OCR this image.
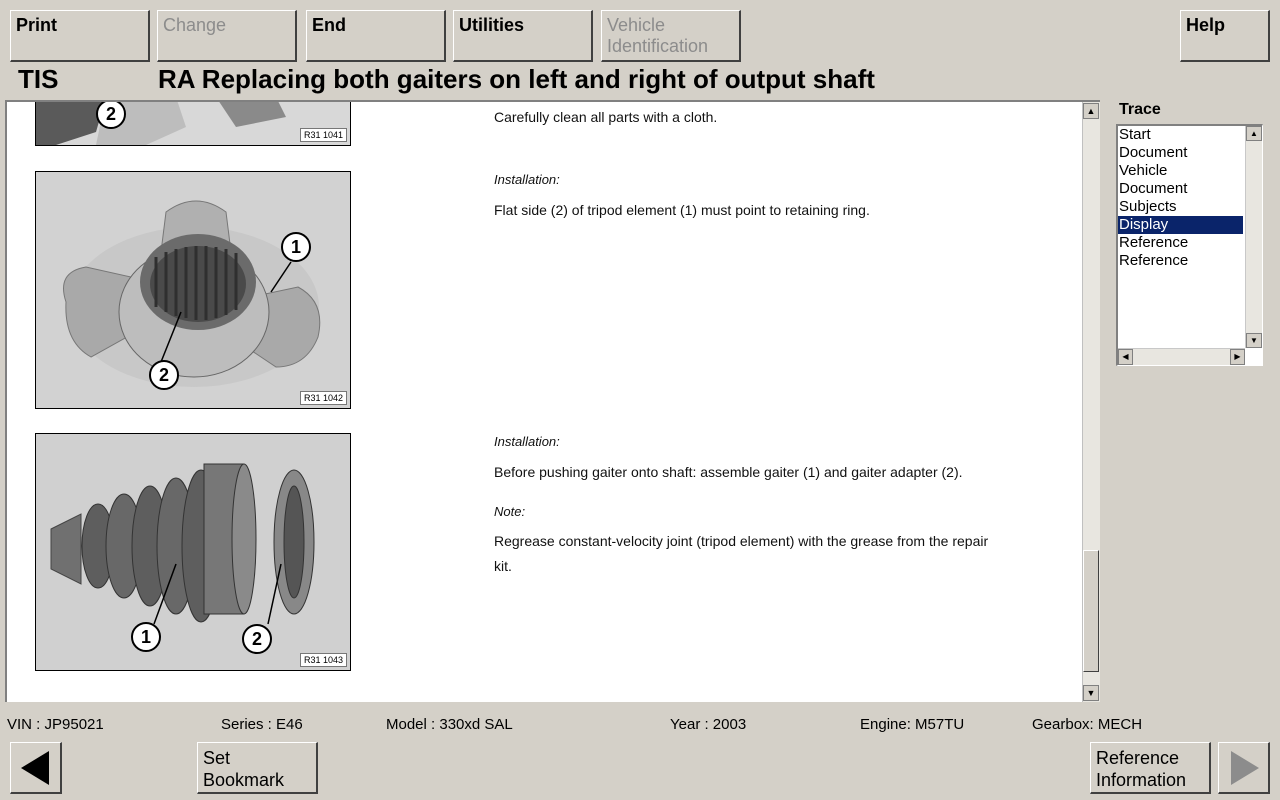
Print	Change	End	Utilities	Vehicle
Identification
Help
TIS	RA Replacing both gaiters on left and right of output shaft
2
R31 1041
1
2
R31 1042
1	2
R31 1043
Carefully clean all parts with a cloth.
Installation:
Flat side (2) of tripod element (1) must point to retaining ring.
Installation:
Before pushing gaiter onto shaft: assemble gaiter (1) and gaiter adapter (2).
Note:
Regrease constant-velocity joint (tripod element) with the grease from the repair
kit.
▲
▼
Trace
Start
Document
Vehicle
Document
Subjects
Display
Reference
Reference
▲
▼
◀	▶
VIN : JP95021	Series : E46	Model : 330xd SAL	Year : 2003	Engine: M57TU	Gearbox: MECH
Set
Bookmark
Reference
Information
